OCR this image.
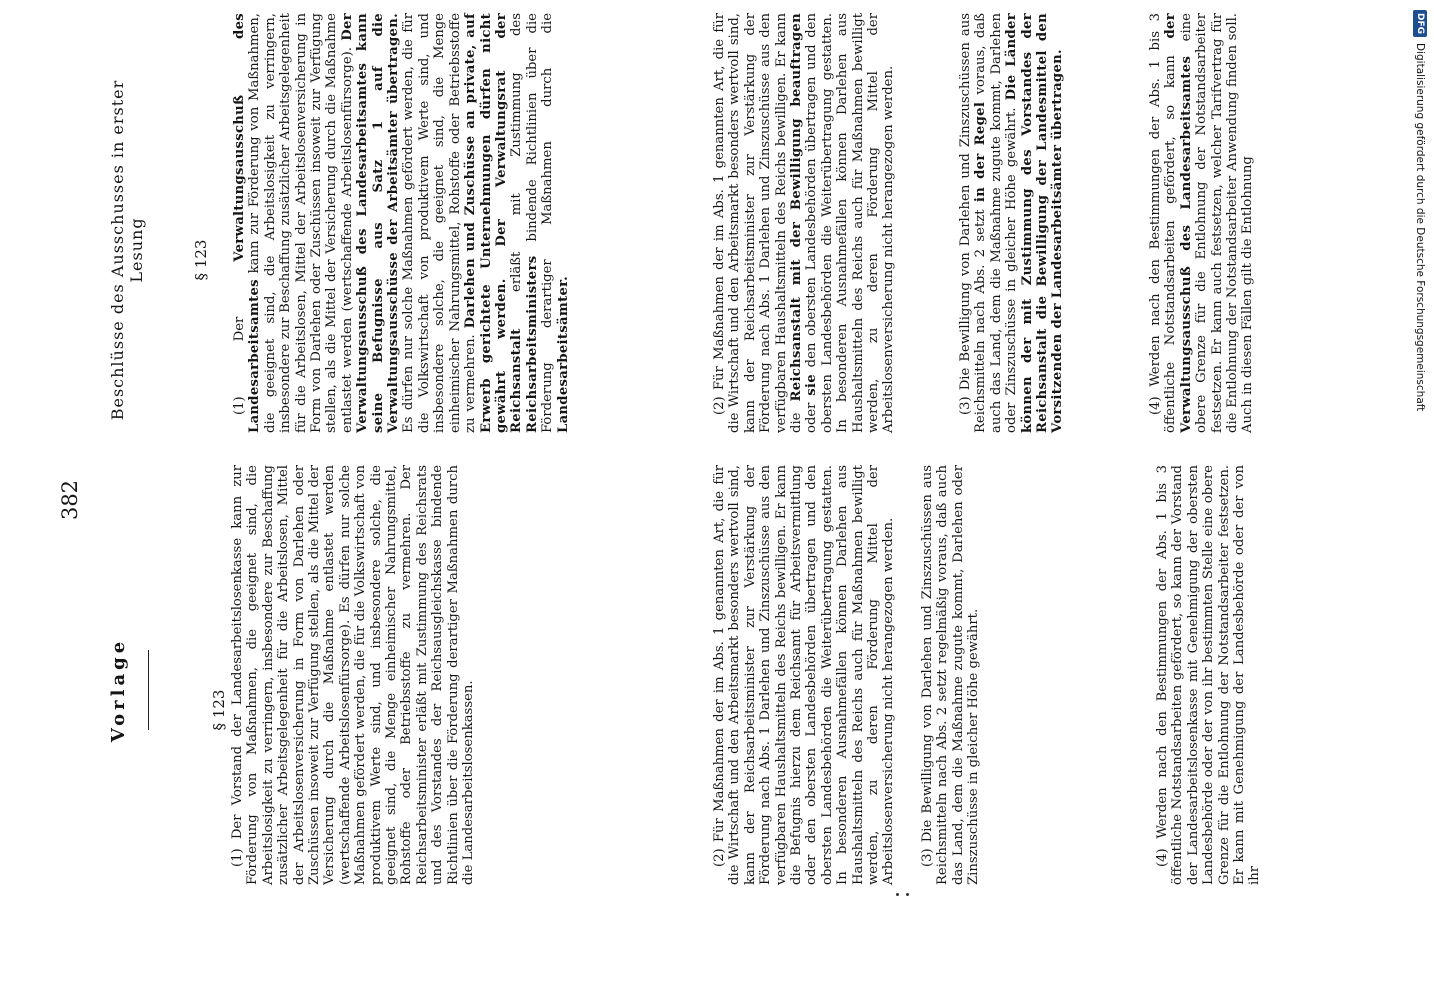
382
Vorlage
Beschlüsse des Ausschusses in erster Lesung
§ 123 (1) Der Vorstand der Landesarbeitslosenkasse kann zur Förderung von Maßnahmen, die geeignet sind, die Arbeitslosigkeit zu verringern, insbesondere zur Beschaffung zusätzlicher Arbeitsgelegenheit für die Arbeitslosen, Mittel der Arbeitslosenversicherung in Form von Darlehen oder Zuschüssen insoweit zur Verfügung stellen, als die Mittel der Versicherung durch die Maßnahme entlastet werden (wertschaffende Arbeitslosenfürsorge). Es dürfen nur solche Maßnahmen gefördert werden, die für die Volkswirtschaft von produktivem Werte sind, und insbesondere solche, die geeignet sind, die Menge einheimischer Nahrungsmittel, Rohstoffe oder Betriebsstoffe zu vermehren. Der Reichsarbeitsminister erläßt mit Zustimmung des Reichsrats und des Vorstandes der Reichsausgleichskasse bindende Richtlinien über die Förderung derartiger Maßnahmen durch die Landesarbeitslosenkassen.	(2) Für Maßnahmen der im Abs. 1 genannten Art, die für die Wirtschaft und den Arbeitsmarkt besonders wertvoll sind, kann der Reichsarbeitsminister zur Verstärkung der Förderung nach Abs. 1 Darlehen und Zinszuschüsse aus den verfügbaren Haushaltsmitteln des Reichs bewilligen. Er kann die Befugnis hierzu dem Reichsamt für Arbeitsvermittlung oder den obersten Landesbehörden übertragen und den obersten Landesbehörden die Weiterübertragung gestatten. In besonderen Ausnahmefällen können Darlehen aus Haushaltsmitteln des Reichs auch für Maßnahmen bewilligt werden, zu deren Förderung Mittel der Arbeitslosenversicherung nicht herangezogen werden. (3) Die Bewilligung von Darlehen und Zinszuschüssen aus Reichsmitteln nach Abs. 2 setzt regelmäßig voraus, daß auch das Land, dem die Maßnahme zugute kommt, Darlehen oder Zinszuschüsse in gleicher Höhe gewährt.	(4) Werden nach den Bestimmungen der Abs. 1 bis 3 öffentliche Notstandsarbeiten gefördert, so kann der Vorstand der Landesarbeitslosenkasse mit Genehmigung der obersten Landesbehörde oder der von ihr bestimmten Stelle eine obere Grenze für die Entlohnung der Notstandsarbeiter festsetzen. Er kann mit Genehmigung der Landesbehörde oder der von ihr

§ 123

(1) Der Verwaltungsausschuß des Landesarbeitsamtes kann zur Förderung von Maßnahmen, die geeignet sind, die Arbeitslosigkeit zu verringern, insbesondere zur Beschaffung zusätzlicher Arbeitsgelegenheit für die Arbeitslosen, Mittel der Arbeitslosenversicherung in Form von Darlehen oder Zuschüssen insoweit zur Verfügung stellen, als die Mittel der Versicherung durch die Maßnahme entlastet werden (wertschaffende Arbeitslosenfürsorge). Der Verwaltungsausschuß des Landesarbeitsamtes kann seine Befugnisse aus Satz 1 auf die Verwaltungsausschüsse der Arbeitsämter übertragen. Es dürfen nur solche Maßnahmen gefördert werden, die für die Volkswirtschaft von produktivem Werte sind, und insbesondere solche, die geeignet sind, die Menge einheimischer Nahrungsmittel, Rohstoffe oder Betriebsstoffe zu vermehren. Darlehen und Zuschüsse an private, auf Erwerb gerichtete Unternehmungen dürfen nicht gewährt werden. Der Verwaltungsrat der Reichsanstalt erläßt mit Zustimmung des Reichsarbeitsministers bindende Richtlinien über die Förderung derartiger Maßnahmen durch die Landesarbeitsämter.	(2) Für Maßnahmen der im Abs. 1 genannten Art, die für die Wirtschaft und den Arbeitsmarkt besonders wertvoll sind, kann der Reichsarbeitsminister zur Verstärkung der Förderung nach Abs. 1 Darlehen und Zinszuschüsse aus den verfügbaren Haushaltsmitteln des Reichs bewilligen. Er kann die Reichsanstalt mit der Bewilligung beauftragen oder sie den obersten Landesbehörden übertragen und den obersten Landesbehörden die Weiterübertragung gestatten. In besonderen Ausnahmefällen können Darlehen aus Haushaltsmitteln des Reichs auch für Maßnahmen bewilligt werden, zu deren Förderung Mittel der Arbeitslosenversicherung nicht herangezogen werden.	(3) Die Bewilligung von Darlehen und Zinszuschüssen aus Reichsmitteln nach Abs. 2 setzt in der Regel voraus, daß auch das Land, dem die Maßnahme zugute kommt, Darlehen oder Zinszuschüsse in gleicher Höhe gewährt. Die Länder können der mit Zustimmung des Vorstandes der Reichsanstalt die Bewilligung der Landesmittel den Vorsitzenden der Landesarbeitsämter übertragen.	(4) Werden nach den Bestimmungen der Abs. 1 bis 3 öffentliche Notstandsarbeiten gefördert, so kann der Verwaltungsausschuß des Landesarbeitsamtes eine obere Grenze für die Entlohnung der Notstandsarbeiter festsetzen. Er kann auch festsetzen, welcher Tarifvertrag für die Entlohnung der Notstandsarbeiter Anwendung finden soll. Auch in diesen Fällen gilt die Entlohnung

DFG
Digitalisierung gefördert durch die Deutsche Forschungsgemeinschaft
